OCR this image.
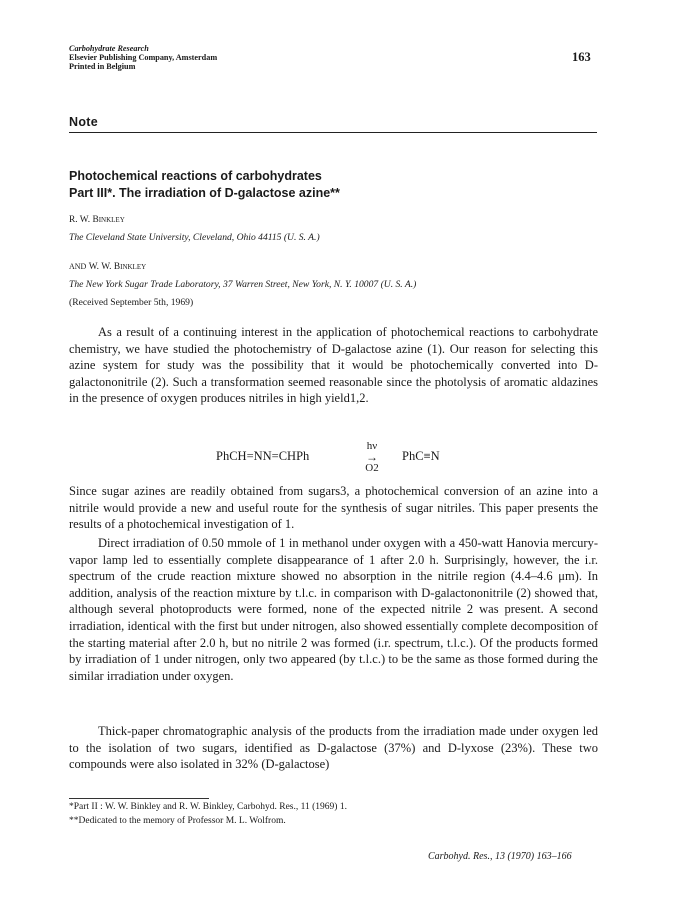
Carbohydrate Research
Elsevier Publishing Company, Amsterdam
Printed in Belgium
163
Note
Photochemical reactions of carbohydrates
Part III*. The irradiation of D-galactose azine**
R. W. Binkley
The Cleveland State University, Cleveland, Ohio 44115 (U. S. A.)
AND W. W. Binkley
The New York Sugar Trade Laboratory, 37 Warren Street, New York, N. Y. 10007 (U. S. A.)
(Received September 5th, 1969)

As a result of a continuing interest in the application of photochemical reactions to carbohydrate chemistry, we have studied the photochemistry of D-galactose azine (1). Our reason for selecting this azine system for study was the possibility that it would be photochemically converted into D-galactononitrile (2). Such a transformation seemed reasonable since the photolysis of aromatic aldazines in the presence of oxygen produces nitriles in high yield1,2.

PhCH=NN=CHPh
hν
→
O2
PhC≡N

Since sugar azines are readily obtained from sugars3, a photochemical conversion of an azine into a nitrile would provide a new and useful route for the synthesis of sugar nitriles. This paper presents the results of a photochemical investigation of 1.

Direct irradiation of 0.50 mmole of 1 in methanol under oxygen with a 450-watt Hanovia mercury-vapor lamp led to essentially complete disappearance of 1 after 2.0 h. Surprisingly, however, the i.r. spectrum of the crude reaction mixture showed no absorption in the nitrile region (4.4–4.6 μm). In addition, analysis of the reaction mixture by t.l.c. in comparison with D-galactononitrile (2) showed that, although several photoproducts were formed, none of the expected nitrile 2 was present. A second irradiation, identical with the first but under nitrogen, also showed essentially complete decomposition of the starting material after 2.0 h, but no nitrile 2 was formed (i.r. spectrum, t.l.c.). Of the products formed by irradiation of 1 under nitrogen, only two appeared (by t.l.c.) to be the same as those formed during the similar irradiation under oxygen.

Thick-paper chromatographic analysis of the products from the irradiation made under oxygen led to the isolation of two sugars, identified as D-galactose (37%) and D-lyxose (23%). These two compounds were also isolated in 32% (D-galactose)

*Part II : W. W. Binkley and R. W. Binkley, Carbohyd. Res., 11 (1969) 1.
**Dedicated to the memory of Professor M. L. Wolfrom.
Carbohyd. Res., 13 (1970) 163–166
